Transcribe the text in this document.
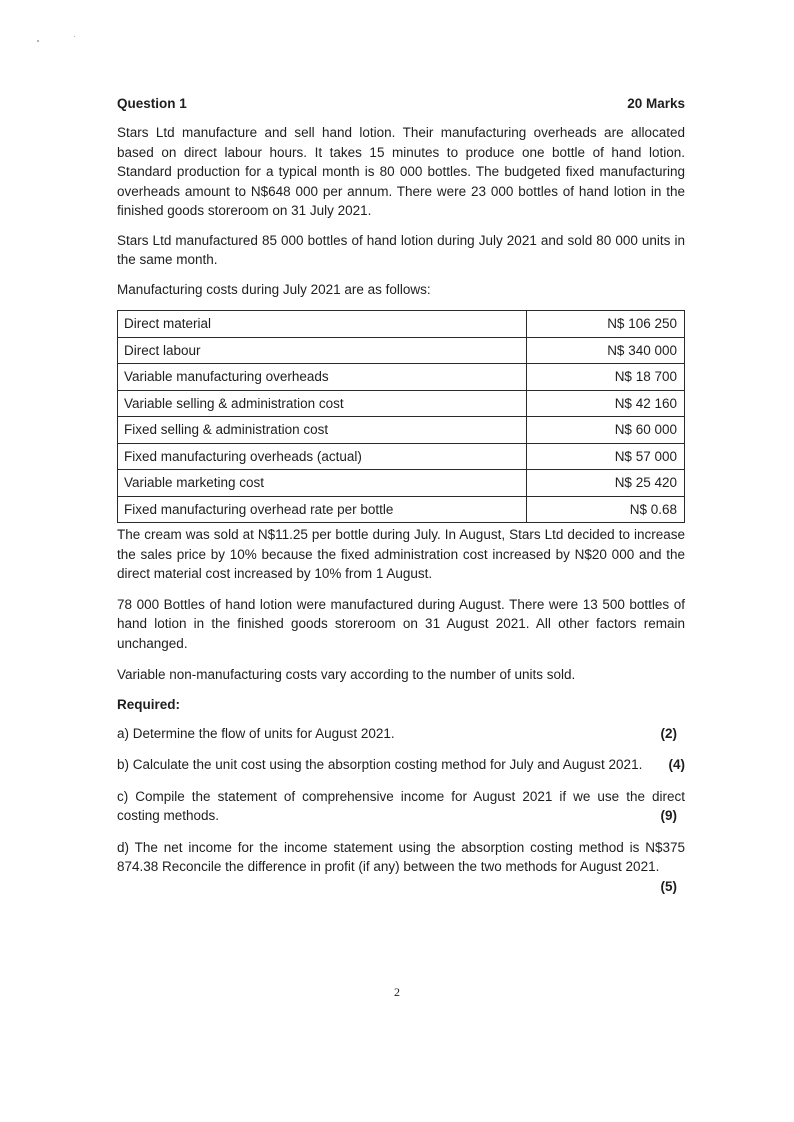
Question 1	20 Marks

Stars Ltd manufacture and sell hand lotion. Their manufacturing overheads are allocated based on direct labour hours. It takes 15 minutes to produce one bottle of hand lotion. Standard production for a typical month is 80 000 bottles. The budgeted fixed manufacturing overheads amount to N$648 000 per annum. There were 23 000 bottles of hand lotion in the finished goods storeroom on 31 July 2021.

Stars Ltd manufactured 85 000 bottles of hand lotion during July 2021 and sold 80 000 units in the same month.

Manufacturing costs during July 2021 are as follows:

Direct material	N$ 106 250
Direct labour	N$ 340 000
Variable manufacturing overheads	N$ 18 700
Variable selling & administration cost	N$ 42 160
Fixed selling & administration cost	N$ 60 000
Fixed manufacturing overheads (actual)	N$ 57 000
Variable marketing cost	N$ 25 420
Fixed manufacturing overhead rate per bottle	N$ 0.68

The cream was sold at N$11.25 per bottle during July. In August, Stars Ltd decided to increase the sales price by 10% because the fixed administration cost increased by N$20 000 and the direct material cost increased by 10% from 1 August.

78 000 Bottles of hand lotion were manufactured during August. There were 13 500 bottles of hand lotion in the finished goods storeroom on 31 August 2021. All other factors remain unchanged.

Variable non-manufacturing costs vary according to the number of units sold.

Required:
a) Determine the flow of units for August 2021.	(2)
b) Calculate the unit cost using the absorption costing method for July and August 2021. (4)
c) Compile the statement of comprehensive income for August 2021 if we use the direct costing methods.	(9)
d) The net income for the income statement using the absorption costing method is N$375 874.38 Reconcile the difference in profit (if any) between the two methods for August 2021.
(5)
2
